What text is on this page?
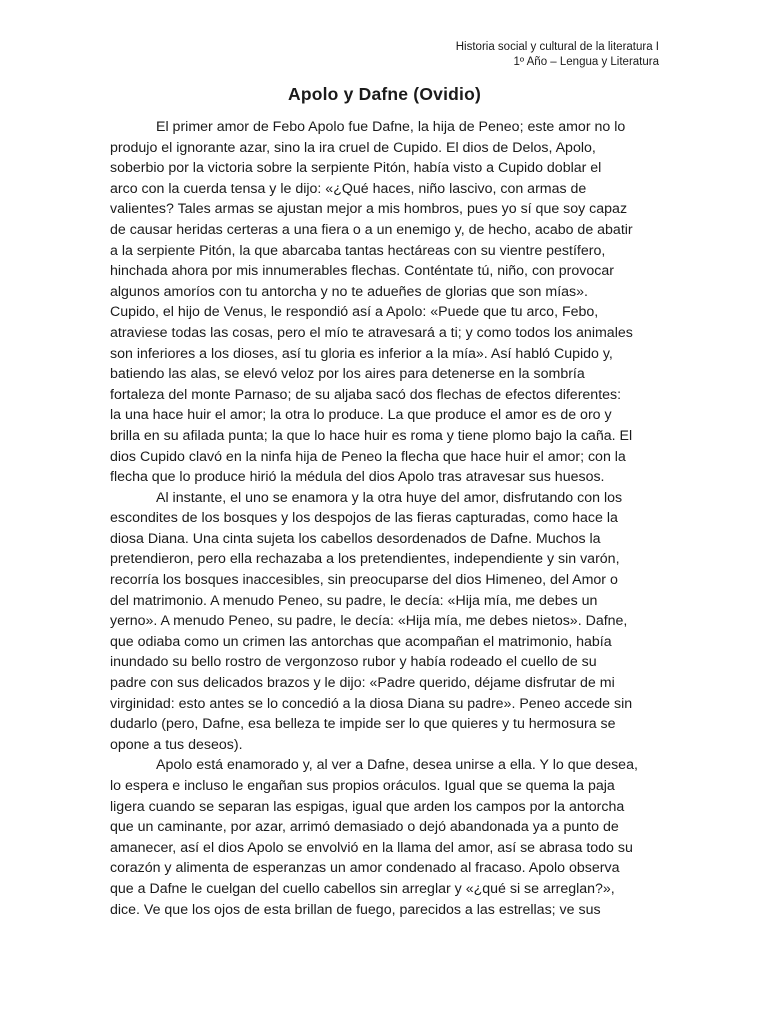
Historia social y cultural de la literatura I
1º Año – Lengua y Literatura
Apolo y Dafne (Ovidio)
El primer amor de Febo Apolo fue Dafne, la hija de Peneo; este amor no lo
produjo el ignorante azar, sino la ira cruel de Cupido. El dios de Delos, Apolo,
soberbio por la victoria sobre la serpiente Pitón, había visto a Cupido doblar el
arco con la cuerda tensa y le dijo: «¿Qué haces, niño lascivo, con armas de
valientes? Tales armas se ajustan mejor a mis hombros, pues yo sí que soy capaz
de causar heridas certeras a una fiera o a un enemigo y, de hecho, acabo de abatir
a la serpiente Pitón, la que abarcaba tantas hectáreas con su vientre pestífero,
hinchada ahora por mis innumerables flechas. Conténtate tú, niño, con provocar
algunos amoríos con tu antorcha y no te adueñes de glorias que son mías».
Cupido, el hijo de Venus, le respondió así a Apolo: «Puede que tu arco, Febo,
atraviese todas las cosas, pero el mío te atravesará a ti; y como todos los animales
son inferiores a los dioses, así tu gloria es inferior a la mía». Así habló Cupido y,
batiendo las alas, se elevó veloz por los aires para detenerse en la sombría
fortaleza del monte Parnaso; de su aljaba sacó dos flechas de efectos diferentes:
la una hace huir el amor; la otra lo produce. La que produce el amor es de oro y
brilla en su afilada punta; la que lo hace huir es roma y tiene plomo bajo la caña. El
dios Cupido clavó en la ninfa hija de Peneo la flecha que hace huir el amor; con la
flecha que lo produce hirió la médula del dios Apolo tras atravesar sus huesos.
Al instante, el uno se enamora y la otra huye del amor, disfrutando con los
escondites de los bosques y los despojos de las fieras capturadas, como hace la
diosa Diana. Una cinta sujeta los cabellos desordenados de Dafne. Muchos la
pretendieron, pero ella rechazaba a los pretendientes, independiente y sin varón,
recorría los bosques inaccesibles, sin preocuparse del dios Himeneo, del Amor o
del matrimonio. A menudo Peneo, su padre, le decía: «Hija mía, me debes un
yerno». A menudo Peneo, su padre, le decía: «Hija mía, me debes nietos». Dafne,
que odiaba como un crimen las antorchas que acompañan el matrimonio, había
inundado su bello rostro de vergonzoso rubor y había rodeado el cuello de su
padre con sus delicados brazos y le dijo: «Padre querido, déjame disfrutar de mi
virginidad: esto antes se lo concedió a la diosa Diana su padre». Peneo accede sin
dudarlo (pero, Dafne, esa belleza te impide ser lo que quieres y tu hermosura se
opone a tus deseos).
Apolo está enamorado y, al ver a Dafne, desea unirse a ella. Y lo que desea,
lo espera e incluso le engañan sus propios oráculos. Igual que se quema la paja
ligera cuando se separan las espigas, igual que arden los campos por la antorcha
que un caminante, por azar, arrimó demasiado o dejó abandonada ya a punto de
amanecer, así el dios Apolo se envolvió en la llama del amor, así se abrasa todo su
corazón y alimenta de esperanzas un amor condenado al fracaso. Apolo observa
que a Dafne le cuelgan del cuello cabellos sin arreglar y «¿qué si se arreglan?»,
dice. Ve que los ojos de esta brillan de fuego, parecidos a las estrellas; ve sus
